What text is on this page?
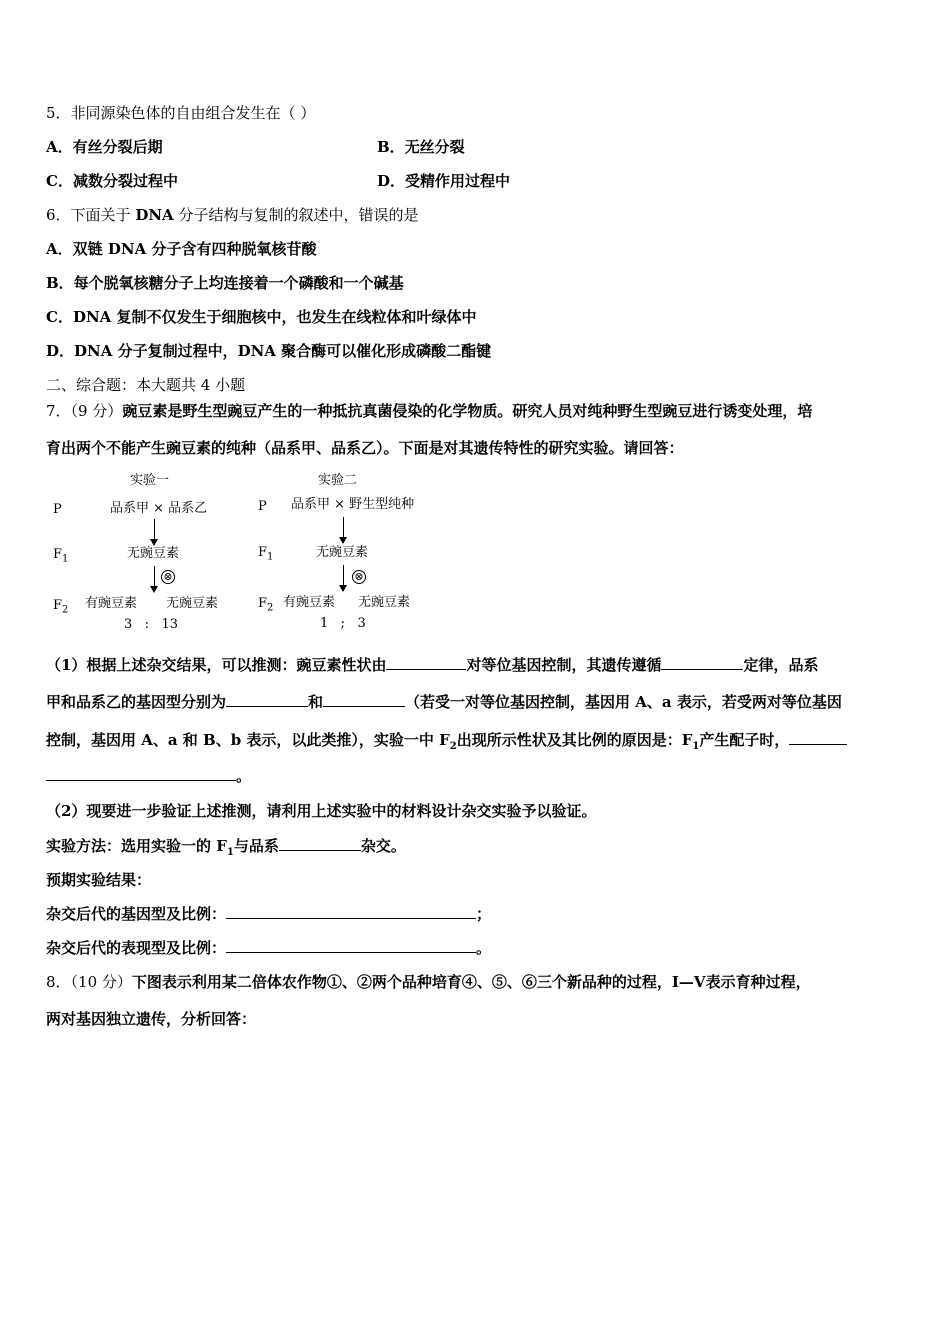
5．非同源染色体的自由组合发生在（ ）
A．有丝分裂后期	B．无丝分裂
C．减数分裂过程中	D．受精作用过程中
6．下面关于 DNA 分子结构与复制的叙述中，错误的是
A．双链 DNA 分子含有四种脱氧核苷酸
B．每个脱氧核糖分子上均连接着一个磷酸和一个碱基
C．DNA 复制不仅发生于细胞核中，也发生在线粒体和叶绿体中
D．DNA 分子复制过程中，DNA 聚合酶可以催化形成磷酸二酯键
二、综合题：本大题共 4 小题
7．（9 分）豌豆素是野生型豌豆产生的一种抵抗真菌侵染的化学物质。研究人员对纯种野生型豌豆进行诱变处理，培
育出两个不能产生豌豆素的纯种（品系甲、品系乙）。下面是对其遗传特性的研究实验。请回答：
实验一
P	品系甲 × 品系乙
$F_1$	无豌豆素
⊗
$F_2$ 有豌豆素 无豌豆素
3   :   13
实验二
P 品系甲 × 野生型纯种
$F_1$	无豌豆素
⊗
$F_2$ 有豌豆素 无豌豆素
1   ;   3
（1）根据上述杂交结果，可以推测：豌豆素性状由	对等位基因控制，其遗传遵循	定律，品系
甲和品系乙的基因型分别为	和	（若受一对等位基因控制，基因用 A、a 表示，若受两对等位基因
控制，基因用 A、a 和 B、b 表示，以此类推），实验一中 $F_2$出现所示性状及其比例的原因是：$F_1$产生配子时，
。
（2）现要进一步验证上述推测，请利用上述实验中的材料设计杂交实验予以验证。
实验方法：选用实验一的 $F_1$与品系	杂交。
预期实验结果：
杂交后代的基因型及比例：	；
杂交后代的表现型及比例：	。
8．（10 分）下图表示利用某二倍体农作物①、②两个品种培育④、⑤、⑥三个新品种的过程，Ⅰ—Ⅴ表示育种过程，
两对基因独立遗传，分析回答：
